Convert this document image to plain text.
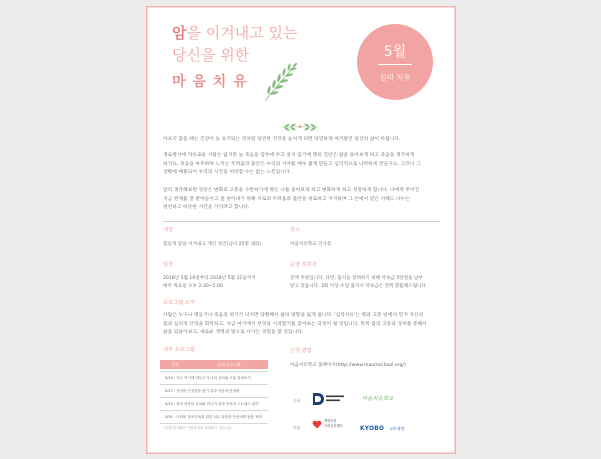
암을 이겨내고 있는
당신을 위한
마 음 치 유
5월
심리 치유
아프지 않을 때는 건강이 늘 유지되는 것처럼 당연한 건강을 놓치게 되면 당연하게 여겨왔던 일상의 삶이 바뀝니다.
생로병사에 자유로운 사람은 없지만 늘 죽음을 염두에 두고 살지 않기에 병의 진단은 삶을 돌아보게 하고 죽음을 생각하게
하지요. 죽음을 마주하며 느끼는 두려움과 불안은 우리의 시야를 매우 좁게 만들고 심리적으로 나약하게 만들지요. 그러나 그
상황에 매몰되어 우리의 시간을 허비할 수는 없는 노릇입니다.
달리 생각해보면 성장은 변화의 고통을 수반하기에 병은 나를 돌아보게 하고 변화하게 하고 성장하게 합니다. 나에게 주어진
지금 현재를 잘 받아들이고 잘 살아내기 위해 서로의 두려움과 불안을 위로하고 지지하며 그 안에서 얻은 지혜도 나누는
편안하고 따뜻한 시간을 가지려고 합니다.
대상
힘들게 암을 이겨내고 계신 성인(남녀 25명 내외)
장소
마음치유학교 인사동
일정
2018년 5월 10일부터 2018년 5월 31일까지
매주 목요일 오후 2:30~5:00
운영 후원금
전액 후원입니다. 다만, 출석을 장려하기 위해 약속금 5만원을 납부
받고 있습니다. 3회 이상 수업 출석시 약속금은 전액 환불해드립니다.
프로그램 소개
사람은 누구나 병들거나 죽음의 위기가 닥치면 당황해서 삶의 방향을 잃게 됩니다. '심리치유'는 병과 고통 앞에서 먼저 자신의
몸과 심리적 안정을 회복하고, 지금 여기에서 무엇을 시작할지를 찾아보는 과정이 될 것입니다. 특히 몸의 고통과 상처를 통해서
삶을 되돌아보고, 새로운 생명과 빛으로 나가는 경험을 할 것입니다.
세부 프로그램
일정	상세 프로그램
5/10 : 지금 여기에 머무르기-나의 상처와 고통 살펴보기
5/17 : 일상의 안정감을 찾기-몸과 마음의 안정화
5/24 : 몸과 마음의 상처와 만나기-감정 표현과 스트레스 관리
5/31 : 나만의 상처극복을 위한 치유 돌봄과 자신에게 돌봄 표현
*일정 및 내용은 사정에 따라 변경될 수 있습니다
신청 방법
마음치유학교 홈페이지(http://www.maumschool.org/)
주최	마음치유학교
후원
생명보험
사회공헌재단
KYOBO 교보생명
